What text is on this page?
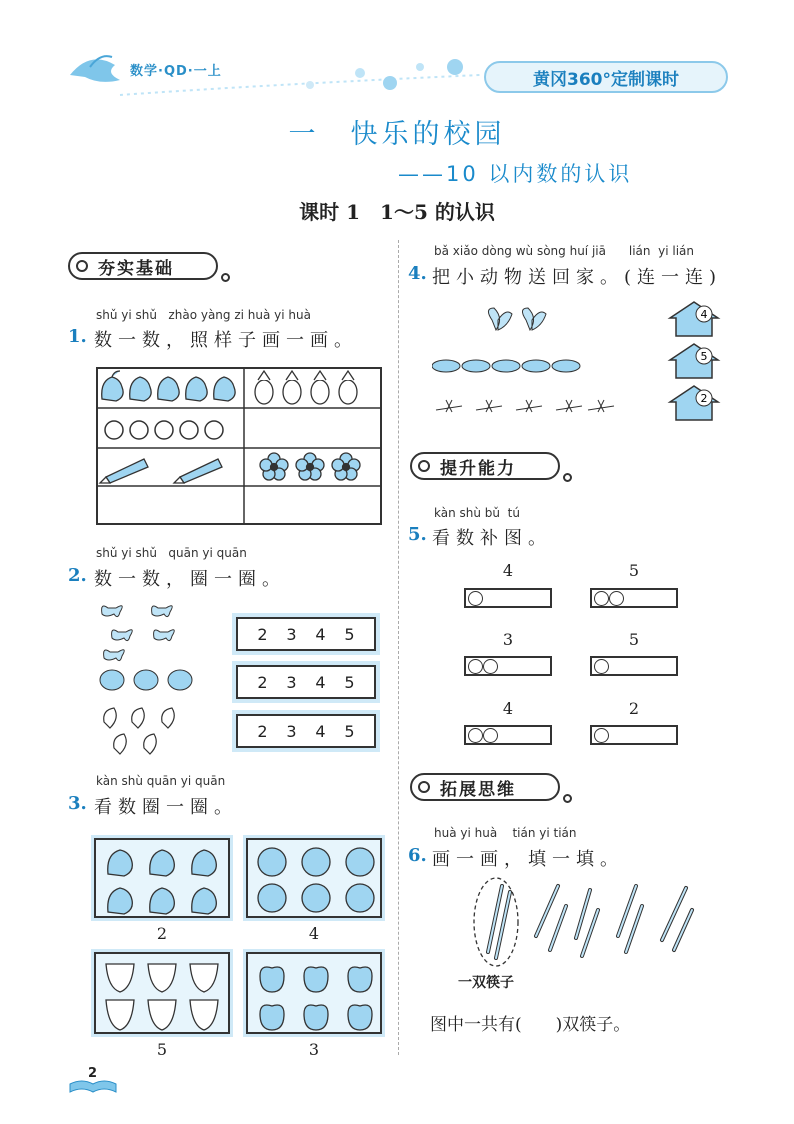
数学·QD·一上	黄冈360°定制课时
一　快乐的校园
——10 以内数的认识
课时 1　1～5 的认识
夯实基础
shǔ yi shǔ   zhào yàng zi huà yi huà
1. 数一数，照样子画一画。
shǔ yi shǔ   quān yi quān
2. 数一数，圈一圈。
2 3 4 5
2 3 4 5
2 3 4 5
kàn shù quān yi quān
3. 看数圈一圈。
2	4
5	3
bǎ xiǎo dòng wù sòng huí jiā      lián  yi lián
4. 把小动物送回家。(连一连)
4
5
2
提升能力
kàn shù bǔ  tú
5. 看数补图。
4	5
3	5
4	2
拓展思维
huà yi huà    tián yi tián
6. 画一画，填一填。
一双筷子
图中一共有(　　)双筷子。
2
